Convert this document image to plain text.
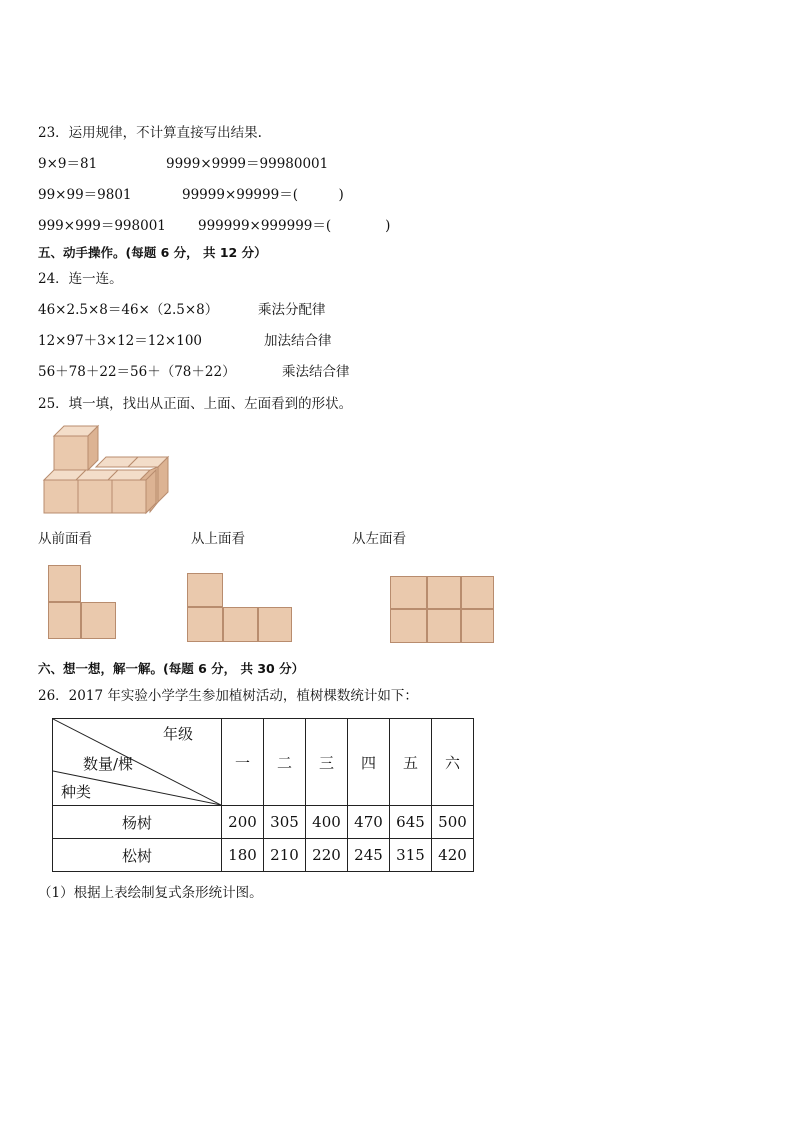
23．运用规律，不计算直接写出结果.
9×9＝81	9999×9999＝99980001
99×99＝9801	99999×99999＝(　　　)
999×999＝998001 999999×999999＝(　　　　)
五、动手操作。(每题 6 分， 共 12 分）
24．连一连。
46×2.5×8＝46×（2.5×8）	乘法分配律
12×97＋3×12＝12×100	加法结合律
56＋78＋22＝56＋（78＋22）	乘法结合律
25．填一填，找出从正面、上面、左面看到的形状。
从前面看	从上面看	从左面看
六、想一想，解一解。(每题 6 分， 共 30 分）
26．2017 年实验小学学生参加植树活动，植树棵数统计如下：
年级
数量/棵
种类	一	二	三	四	五	六
杨树	200	305	400	470	645	500
松树	180	210	220	245	315	420
（1）根据上表绘制复式条形统计图。
